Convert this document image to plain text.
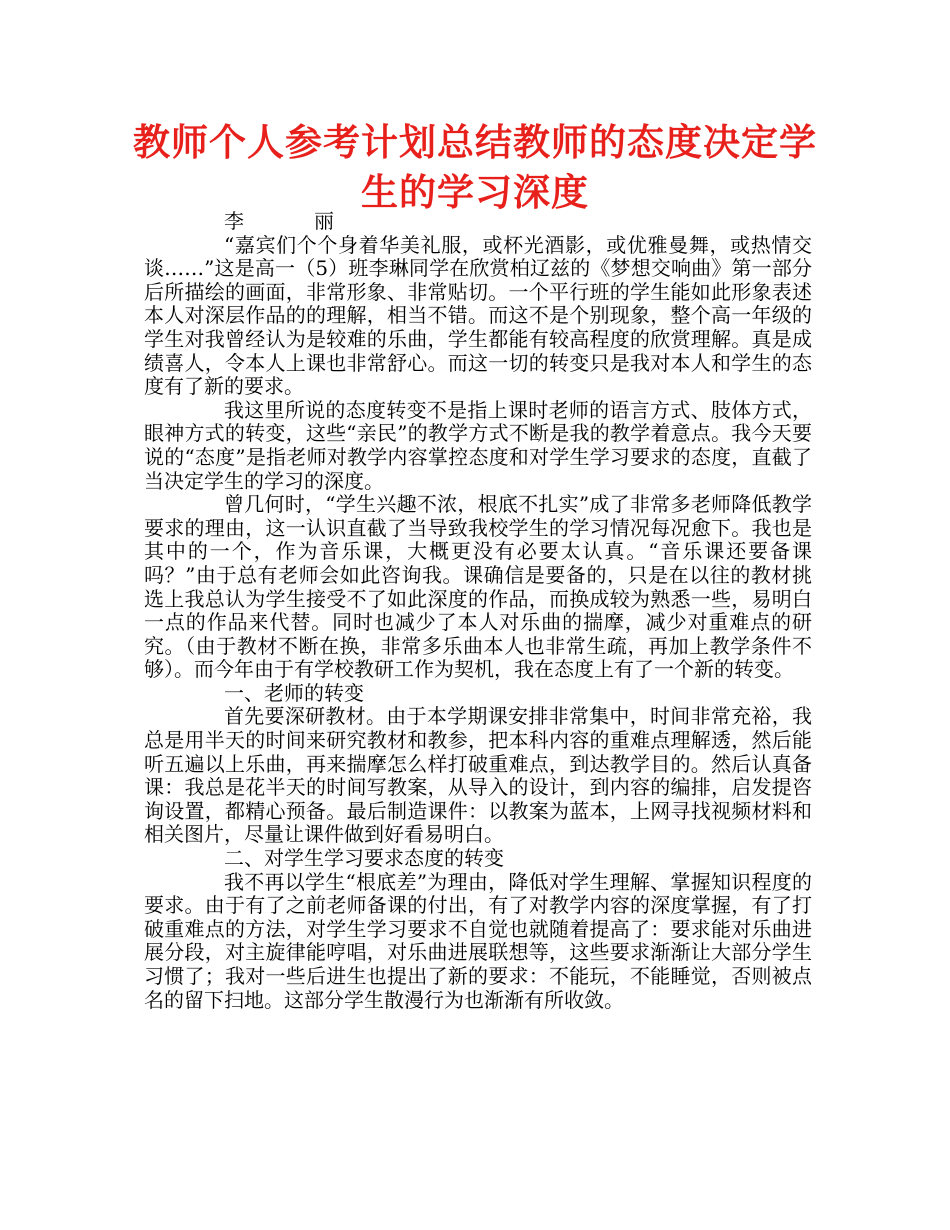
教师个人参考计划总结教师的态度决定学生的学习深度
李	丽

“嘉宾们个个身着华美礼服，或杯光酒影，或优雅曼舞，或热情交谈……”这是高一（5）班李琳同学在欣赏柏辽兹的《梦想交响曲》第一部分后所描绘的画面，非常形象、非常贴切。一个平行班的学生能如此形象表述本人对深层作品的的理解，相当不错。而这不是个别现象，整个高一年级的学生对我曾经认为是较难的乐曲，学生都能有较高程度的欣赏理解。真是成绩喜人，令本人上课也非常舒心。而这一切的转变只是我对本人和学生的态度有了新的要求。

我这里所说的态度转变不是指上课时老师的语言方式、肢体方式，眼神方式的转变，这些“亲民”的教学方式不断是我的教学着意点。我今天要说的“态度”是指老师对教学内容掌控态度和对学生学习要求的态度，直截了当决定学生的学习的深度。

曾几何时，“学生兴趣不浓，根底不扎实”成了非常多老师降低教学要求的理由，这一认识直截了当导致我校学生的学习情况每况愈下。我也是其中的一个，作为音乐课，大概更没有必要太认真。“音乐课还要备课吗？”由于总有老师会如此咨询我。课确信是要备的，只是在以往的教材挑选上我总认为学生接受不了如此深度的作品，而换成较为熟悉一些，易明白一点的作品来代替。同时也减少了本人对乐曲的揣摩，减少对重难点的研究。（由于教材不断在换，非常多乐曲本人也非常生疏，再加上教学条件不够）。而今年由于有学校教研工作为契机，我在态度上有了一个新的转变。

一、老师的转变

首先要深研教材。由于本学期课安排非常集中，时间非常充裕，我总是用半天的时间来研究教材和教参，把本科内容的重难点理解透，然后能听五遍以上乐曲，再来揣摩怎么样打破重难点，到达教学目的。然后认真备课：我总是花半天的时间写教案，从导入的设计，到内容的编排，启发提咨询设置，都精心预备。最后制造课件：以教案为蓝本，上网寻找视频材料和相关图片，尽量让课件做到好看易明白。

二、对学生学习要求态度的转变

我不再以学生“根底差”为理由，降低对学生理解、掌握知识程度的要求。由于有了之前老师备课的付出，有了对教学内容的深度掌握，有了打破重难点的方法，对学生学习要求不自觉也就随着提高了：要求能对乐曲进展分段，对主旋律能哼唱，对乐曲进展联想等，这些要求渐渐让大部分学生习惯了；我对一些后进生也提出了新的要求：不能玩，不能睡觉，否则被点名的留下扫地。这部分学生散漫行为也渐渐有所收敛。
